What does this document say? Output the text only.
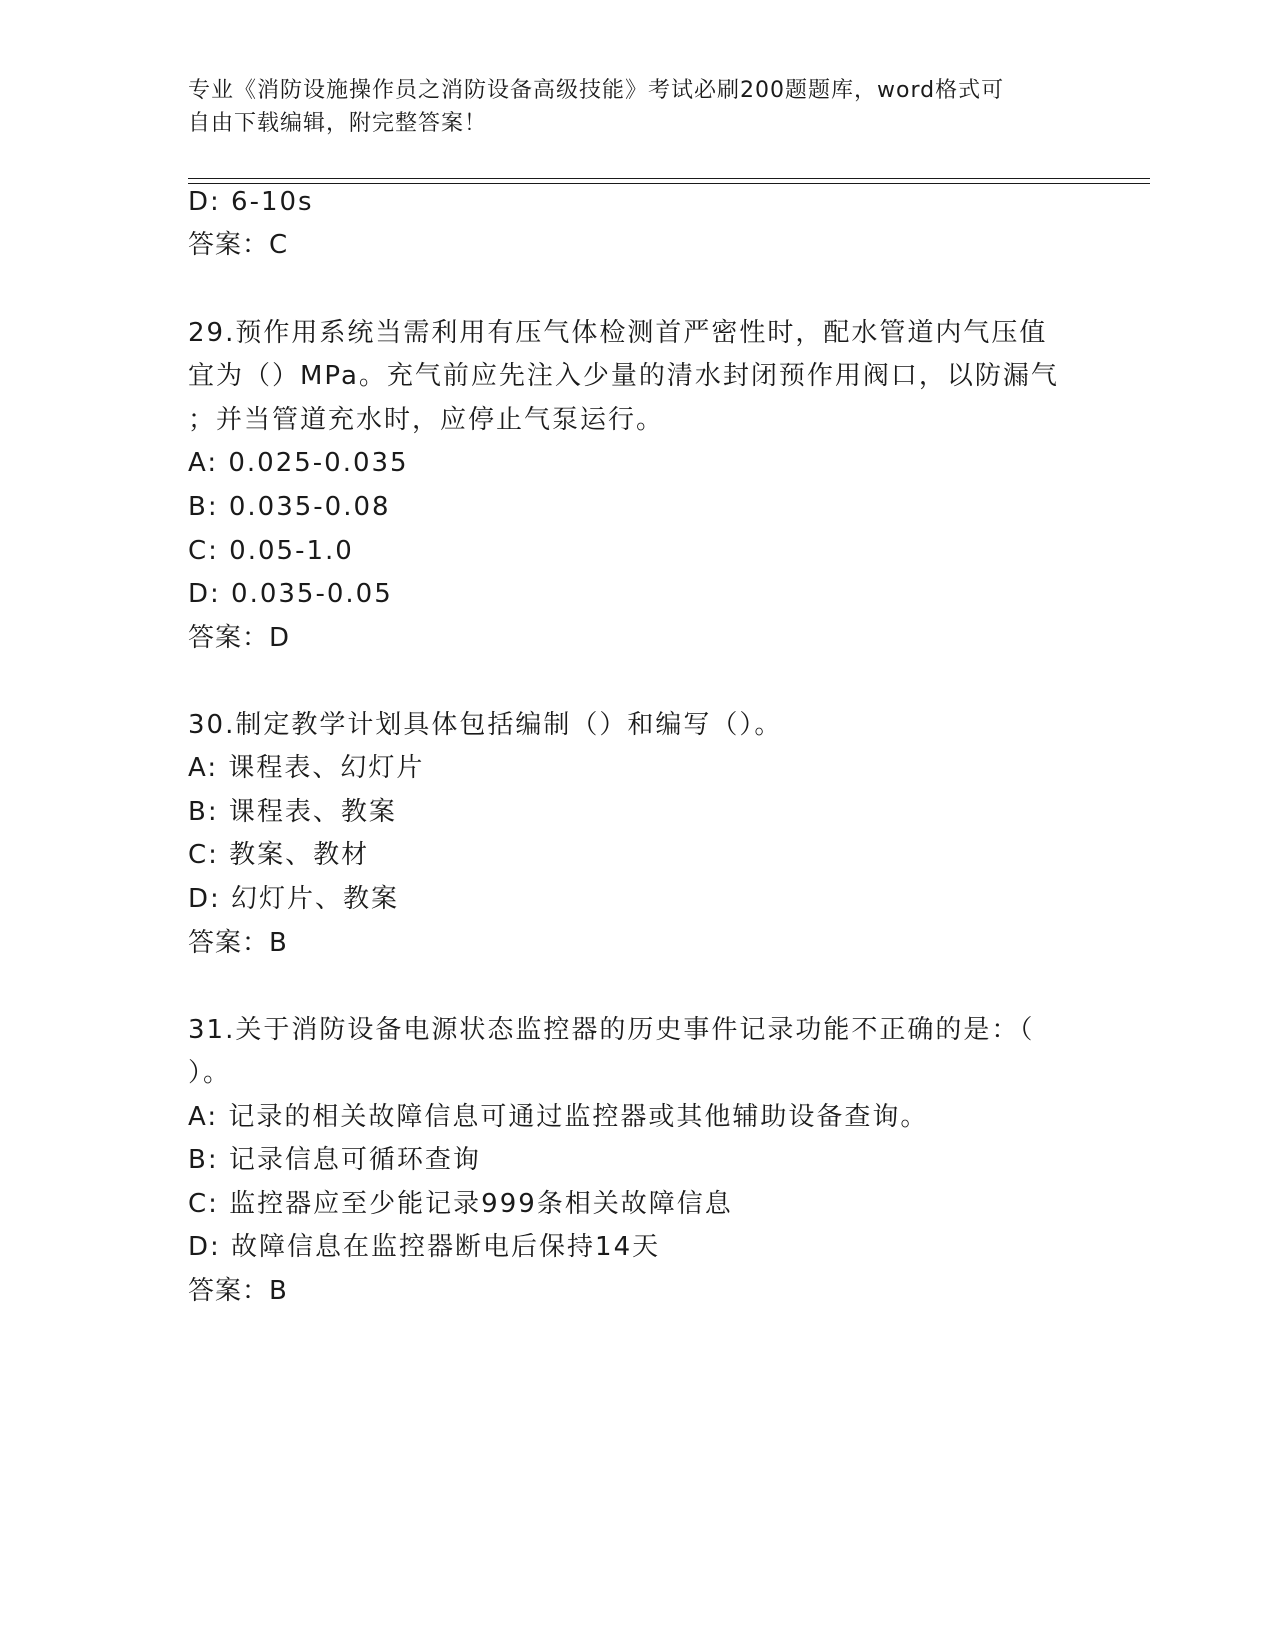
专业《消防设施操作员之消防设备高级技能》考试必刷200题题库，word格式可
自由下载编辑，附完整答案！
D: 6-10s
答案：C
29.预作用系统当需利用有压气体检测首严密性时，配水管道内气压值
宜为（）MPa。充气前应先注入少量的清水封闭预作用阀口，以防漏气
；并当管道充水时，应停止气泵运行。
A: 0.025-0.035
B: 0.035-0.08
C: 0.05-1.0
D: 0.035-0.05
答案：D
30.制定教学计划具体包括编制（）和编写（）。
A: 课程表、幻灯片
B: 课程表、教案
C: 教案、教材
D: 幻灯片、教案
答案：B
31.关于消防设备电源状态监控器的历史事件记录功能不正确的是：（
）。
A: 记录的相关故障信息可通过监控器或其他辅助设备查询。
B: 记录信息可循环查询
C: 监控器应至少能记录999条相关故障信息
D: 故障信息在监控器断电后保持14天
答案：B
